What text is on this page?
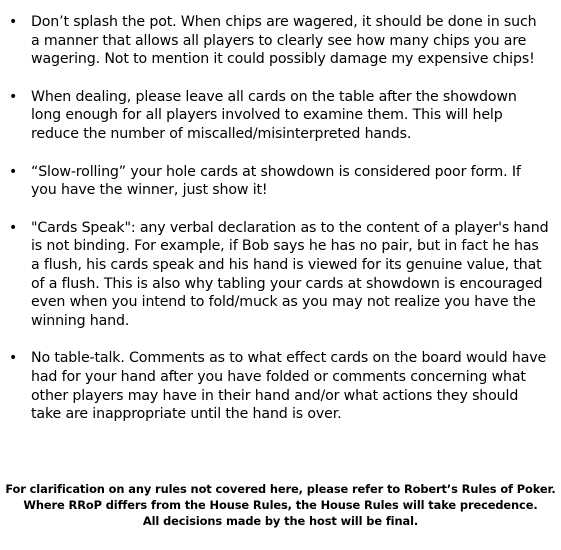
• Don’t splash the pot. When chips are wagered, it should be done in such a manner that allows all players to clearly see how many chips you are wagering. Not to mention it could possibly damage my expensive chips!
• When dealing, please leave all cards on the table after the showdown long enough for all players involved to examine them. This will help reduce the number of miscalled/misinterpreted hands.
• “Slow-rolling” your hole cards at showdown is considered poor form. If you have the winner, just show it!
• "Cards Speak": any verbal declaration as to the content of a player's hand is not binding. For example, if Bob says he has no pair, but in fact he has a flush, his cards speak and his hand is viewed for its genuine value, that of a flush. This is also why tabling your cards at showdown is encouraged even when you intend to fold/muck as you may not realize you have the winning hand.
• No table-talk. Comments as to what effect cards on the board would have had for your hand after you have folded or comments concerning what other players may have in their hand and/or what actions they should take are inappropriate until the hand is over.
For clarification on any rules not covered here, please refer to Robert’s Rules of Poker.
Where RRoP differs from the House Rules, the House Rules will take precedence.
All decisions made by the host will be final.
